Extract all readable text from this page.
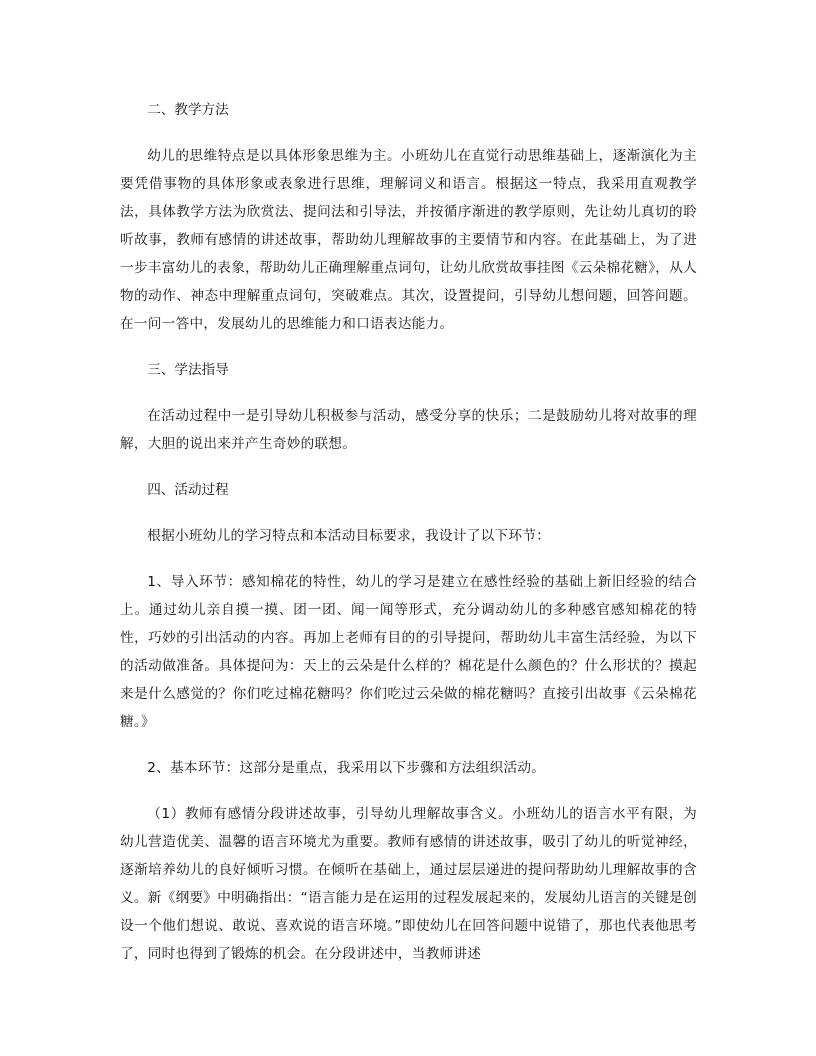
二、教学方法

幼儿的思维特点是以具体形象思维为主。小班幼儿在直觉行动思维基础上，逐渐演化为主要凭借事物的具体形象或表象进行思维，理解词义和语言。根据这一特点，我采用直观教学法，具体教学方法为欣赏法、提问法和引导法，并按循序渐进的教学原则，先让幼儿真切的聆听故事，教师有感情的讲述故事，帮助幼儿理解故事的主要情节和内容。在此基础上，为了进一步丰富幼儿的表象，帮助幼儿正确理解重点词句，让幼儿欣赏故事挂图《云朵棉花糖》，从人物的动作、神态中理解重点词句，突破难点。其次，设置提问，引导幼儿想问题，回答问题。在一问一答中，发展幼儿的思维能力和口语表达能力。

三、学法指导

在活动过程中一是引导幼儿积极参与活动，感受分享的快乐；二是鼓励幼儿将对故事的理解，大胆的说出来并产生奇妙的联想。

四、活动过程

根据小班幼儿的学习特点和本活动目标要求，我设计了以下环节：

1、导入环节：感知棉花的特性，幼儿的学习是建立在感性经验的基础上新旧经验的结合上。通过幼儿亲自摸一摸、团一团、闻一闻等形式，充分调动幼儿的多种感官感知棉花的特性，巧妙的引出活动的内容。再加上老师有目的的引导提问，帮助幼儿丰富生活经验，为以下的活动做准备。具体提问为：天上的云朵是什么样的？棉花是什么颜色的？什么形状的？摸起来是什么感觉的？你们吃过棉花糖吗？你们吃过云朵做的棉花糖吗？直接引出故事《云朵棉花糖。》

2、基本环节：这部分是重点，我采用以下步骤和方法组织活动。

（1）教师有感情分段讲述故事，引导幼儿理解故事含义。小班幼儿的语言水平有限，为幼儿营造优美、温馨的语言环境尤为重要。教师有感情的讲述故事，吸引了幼儿的听觉神经，逐渐培养幼儿的良好倾听习惯。在倾听在基础上，通过层层递进的提问帮助幼儿理解故事的含义。新《纲要》中明确指出：“语言能力是在运用的过程发展起来的，发展幼儿语言的关键是创设一个他们想说、敢说、喜欢说的语言环境。”即使幼儿在回答问题中说错了，那也代表他思考了，同时也得到了锻炼的机会。在分段讲述中，当教师讲述
